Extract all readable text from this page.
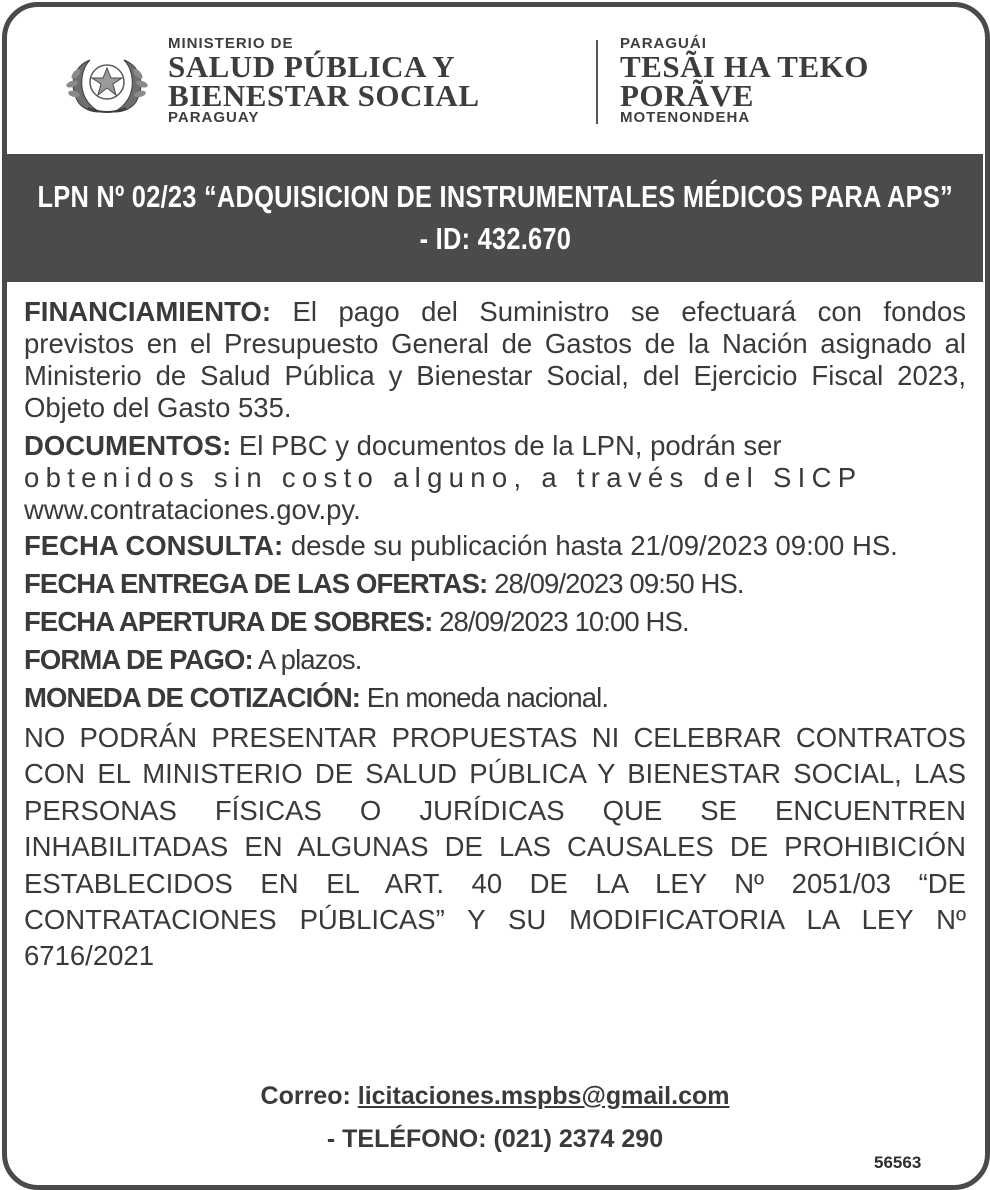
MINISTERIO DE
SALUD PÚBLICA Y
BIENESTAR SOCIAL
PARAGUAY
PARAGUÁI
TESÃI HA TEKO
PORÃVE
MOTENONDEHA
LPN Nº 02/23 “ADQUISICION DE INSTRUMENTALES MÉDICOS PARA APS”
- ID: 432.670

FINANCIAMIENTO: El pago del Suministro se efectuará con fondos previstos en el Presupuesto General de Gastos de la Nación asignado al Ministerio de Salud Pública y Bienestar Social, del Ejercicio Fiscal 2023, Objeto del Gasto 535.

DOCUMENTOS: El PBC y documentos de la LPN, podrán ser
obtenidos sin costo alguno, a través del SICP
www.contrataciones.gov.py.

FECHA CONSULTA: desde su publicación hasta 21/09/2023 09:00 HS.

FECHA ENTREGA DE LAS OFERTAS: 28/09/2023 09:50 HS.

FECHA APERTURA DE SOBRES: 28/09/2023 10:00 HS.

FORMA DE PAGO: A plazos.

MONEDA DE COTIZACIÓN: En moneda nacional.

NO PODRÁN PRESENTAR PROPUESTAS NI CELEBRAR CONTRATOS CON EL MINISTERIO DE SALUD PÚBLICA Y BIENESTAR SOCIAL, LAS PERSONAS FÍSICAS O JURÍDICAS QUE SE ENCUENTREN INHABILITADAS EN ALGUNAS DE LAS CAUSALES DE PROHIBICIÓN ESTABLECIDOS EN EL ART. 40 DE LA LEY Nº 2051/03 “DE CONTRATACIONES PÚBLICAS” Y SU MODIFICATORIA LA LEY Nº 6716/2021

Correo: licitaciones.mspbs@gmail.com
- TELÉFONO: (021) 2374 290
56563
